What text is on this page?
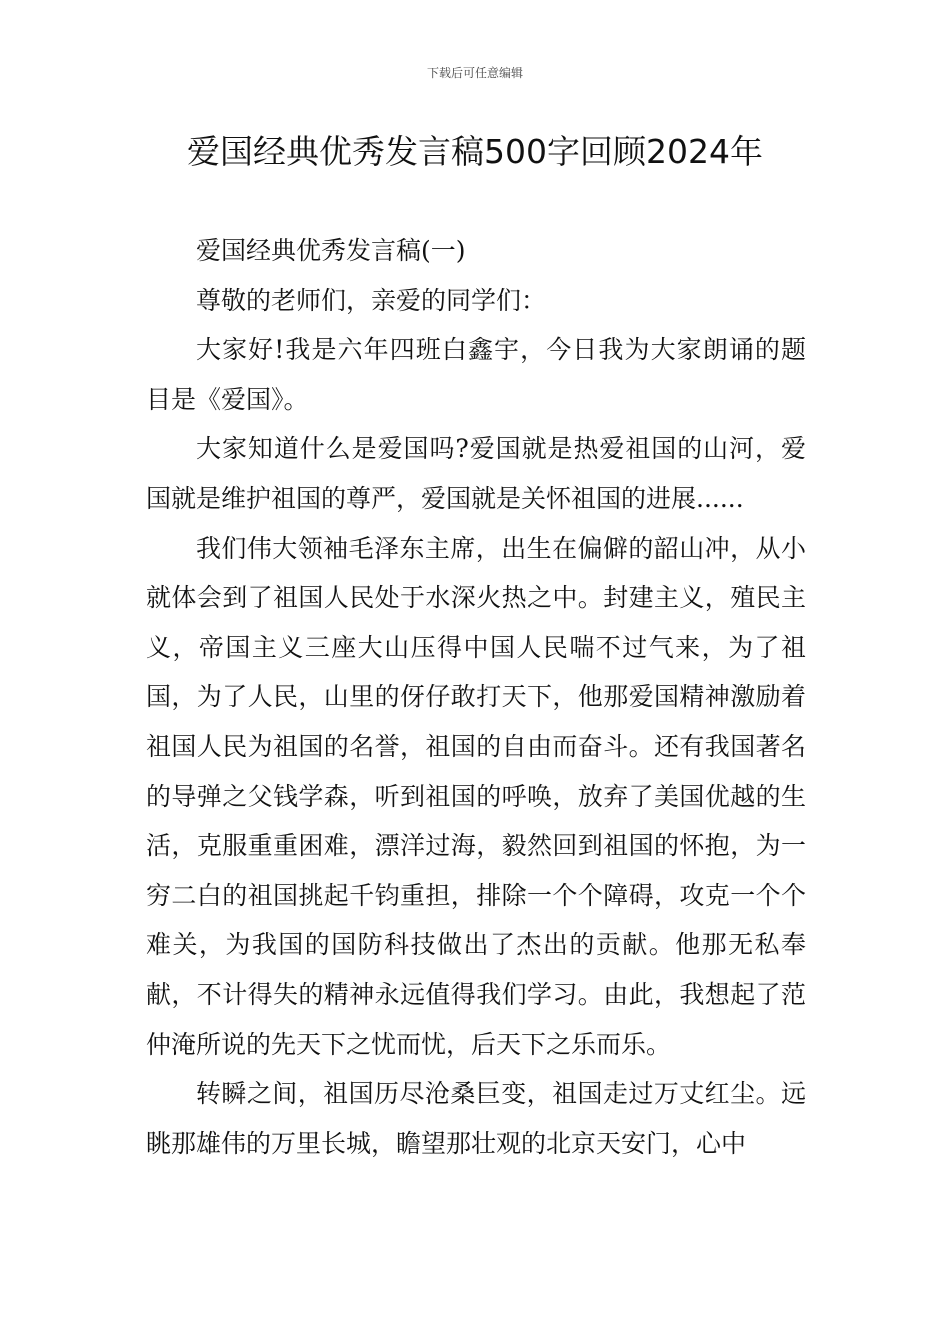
下载后可任意编辑
爱国经典优秀发言稿500字回顾2024年

爱国经典优秀发言稿(一)

尊敬的老师们，亲爱的同学们：

大家好!我是六年四班白鑫宇，今日我为大家朗诵的题目是《爱国》。

大家知道什么是爱国吗?爱国就是热爱祖国的山河，爱国就是维护祖国的尊严，爱国就是关怀祖国的进展......

我们伟大领袖毛泽东主席，出生在偏僻的韶山冲，从小就体会到了祖国人民处于水深火热之中。封建主义，殖民主义，帝国主义三座大山压得中国人民喘不过气来，为了祖国，为了人民，山里的伢仔敢打天下，他那爱国精神激励着祖国人民为祖国的名誉，祖国的自由而奋斗。还有我国著名的导弹之父钱学森，听到祖国的呼唤，放弃了美国优越的生活，克服重重困难，漂洋过海，毅然回到祖国的怀抱，为一穷二白的祖国挑起千钧重担，排除一个个障碍，攻克一个个难关，为我国的国防科技做出了杰出的贡献。他那无私奉献，不计得失的精神永远值得我们学习。由此，我想起了范仲淹所说的先天下之忧而忧，后天下之乐而乐。

转瞬之间，祖国历尽沧桑巨变，祖国走过万丈红尘。远眺那雄伟的万里长城，瞻望那壮观的北京天安门，心中
